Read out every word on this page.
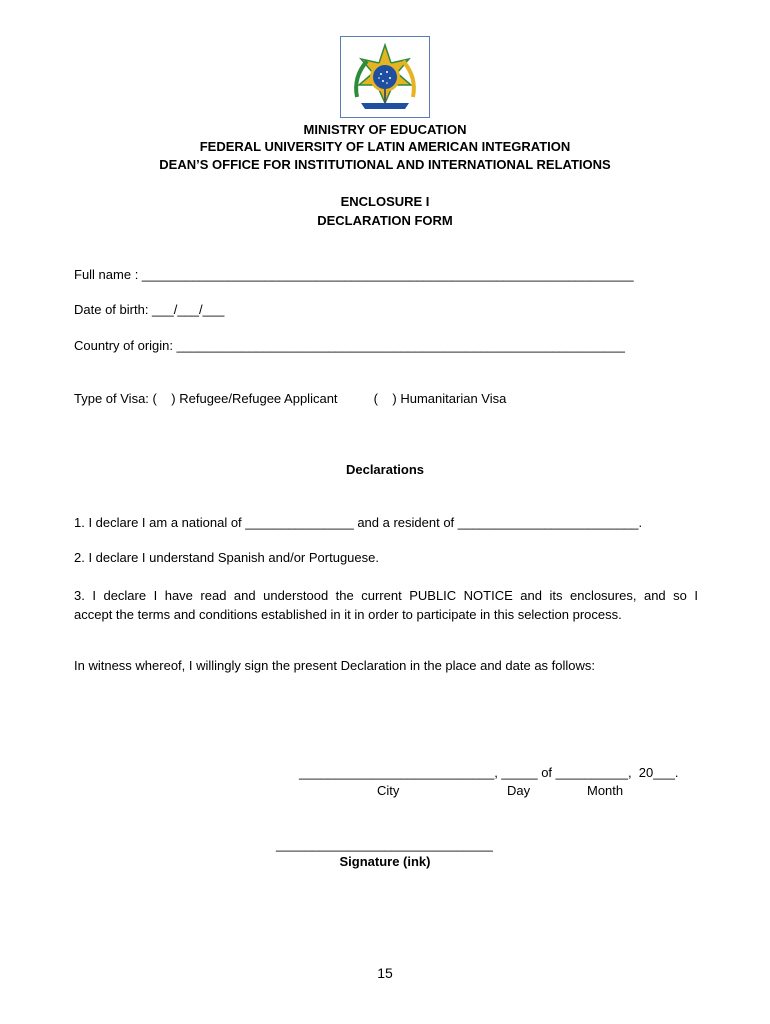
MINISTRY OF EDUCATION
FEDERAL UNIVERSITY OF LATIN AMERICAN INTEGRATION
DEAN’S OFFICE FOR INSTITUTIONAL AND INTERNATIONAL RELATIONS
ENCLOSURE I
DECLARATION FORM
Full name : ____________________________________________________________________
Date of birth: ___/___/___
Country of origin: ______________________________________________________________
Type of Visa: (    ) Refugee/Refugee Applicant          (    ) Humanitarian Visa
Declarations
1. I declare I am a national of _______________ and a resident of _________________________.
2. I declare I understand Spanish and/or Portuguese.
3. I declare I have read and understood the current PUBLIC NOTICE and its enclosures, and so I
accept the terms and conditions established in it in order to participate in this selection process.
In witness whereof, I willingly sign the present Declaration in the place and date as follows:
___________________________, _____ of __________,  20___.
City	Day	Month
______________________________
Signature (ink)
15
